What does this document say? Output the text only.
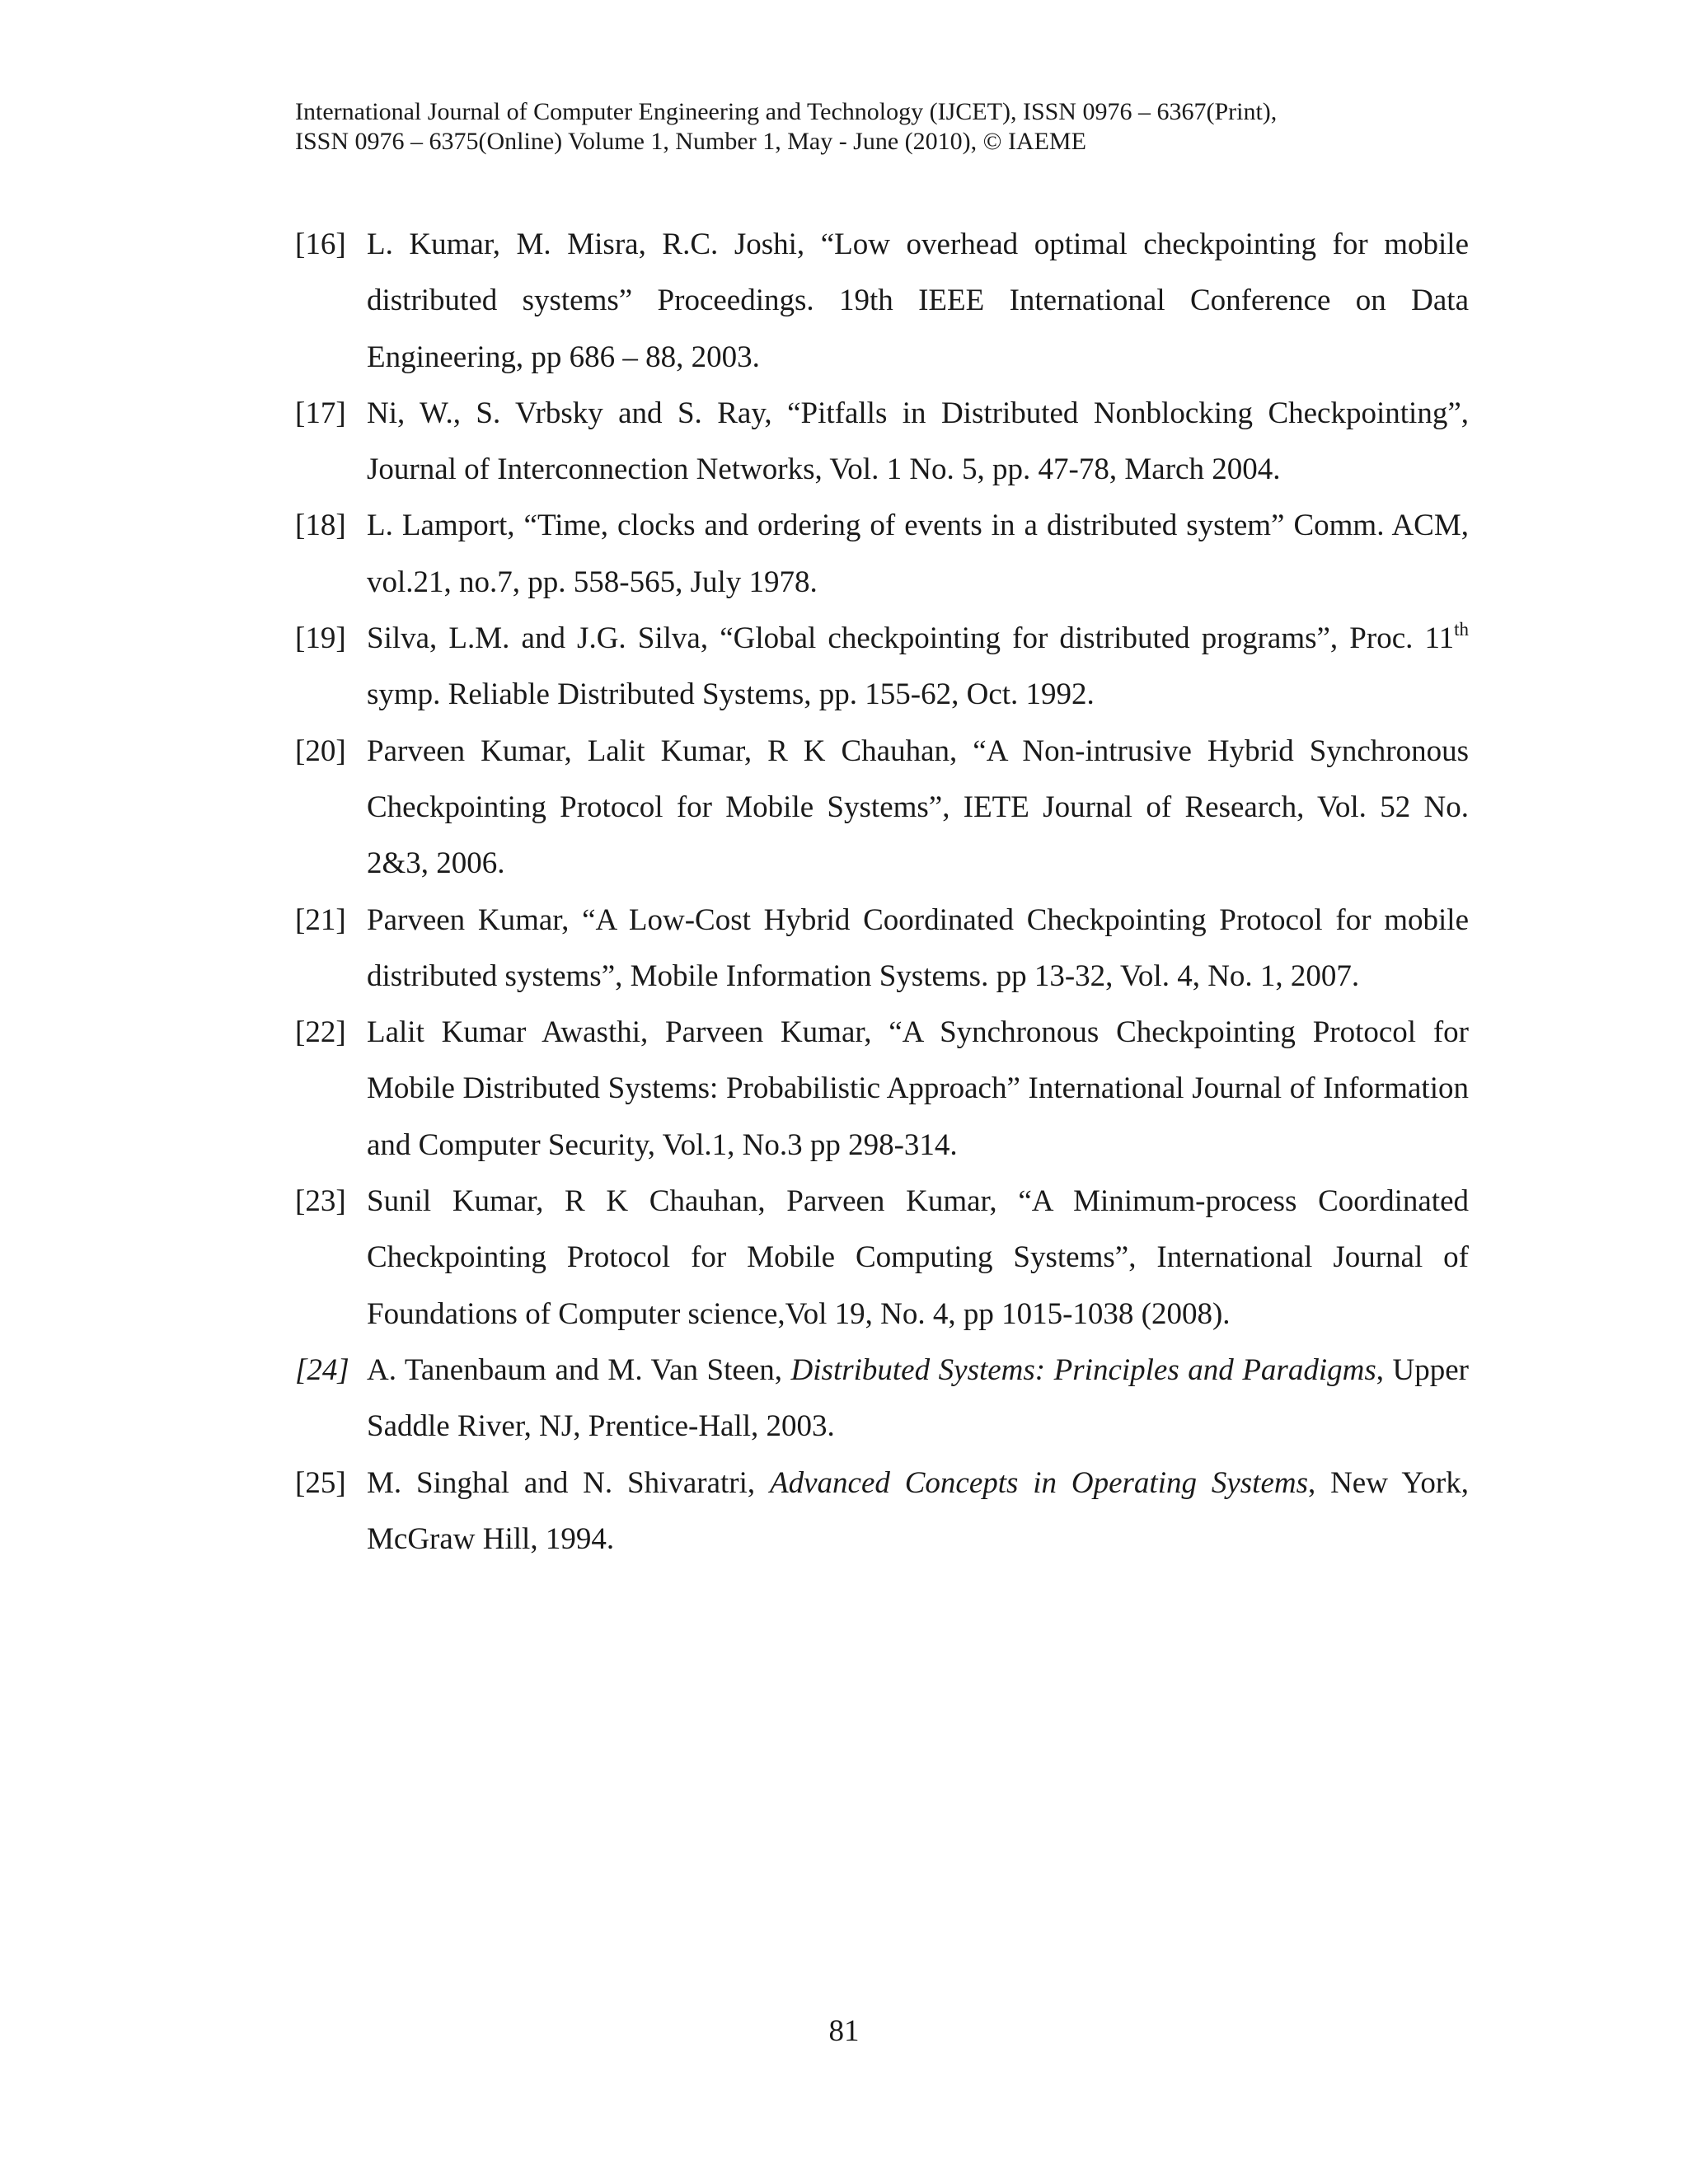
International Journal of Computer Engineering and Technology (IJCET), ISSN 0976 – 6367(Print),
ISSN 0976 – 6375(Online) Volume 1, Number 1, May - June (2010), © IAEME
[16] L. Kumar, M. Misra, R.C. Joshi, “Low overhead optimal checkpointing for mobile distributed systems” Proceedings. 19th IEEE International Conference on Data Engineering, pp 686 – 88, 2003.
[17] Ni, W., S. Vrbsky and S. Ray, “Pitfalls in Distributed Nonblocking Checkpointing”, Journal of Interconnection Networks, Vol. 1 No. 5, pp. 47-78, March 2004.
[18] L. Lamport, “Time, clocks and ordering of events in a distributed system” Comm. ACM, vol.21, no.7, pp. 558-565, July 1978.
[19] Silva, L.M. and J.G. Silva, “Global checkpointing for distributed programs”, Proc. 11th symp. Reliable Distributed Systems, pp. 155-62, Oct. 1992.
[20] Parveen Kumar, Lalit Kumar, R K Chauhan, “A Non-intrusive Hybrid Synchronous Checkpointing Protocol for Mobile Systems”, IETE Journal of Research, Vol. 52 No. 2&3, 2006.
[21] Parveen Kumar, “A Low-Cost Hybrid Coordinated Checkpointing Protocol for mobile distributed systems”, Mobile Information Systems. pp 13-32, Vol. 4, No. 1, 2007.
[22] Lalit Kumar Awasthi, Parveen Kumar, “A Synchronous Checkpointing Protocol for Mobile Distributed Systems: Probabilistic Approach” International Journal of Information and Computer Security, Vol.1, No.3 pp 298-314.
[23] Sunil Kumar, R K Chauhan, Parveen Kumar, “A Minimum-process Coordinated Checkpointing Protocol for Mobile Computing Systems”, International Journal of Foundations of Computer science,Vol 19, No. 4, pp 1015-1038 (2008).
[24] A. Tanenbaum and M. Van Steen, Distributed Systems: Principles and Paradigms, Upper Saddle River, NJ, Prentice-Hall, 2003.
[25] M. Singhal and N. Shivaratri, Advanced Concepts in Operating Systems, New York, McGraw Hill, 1994.
81
